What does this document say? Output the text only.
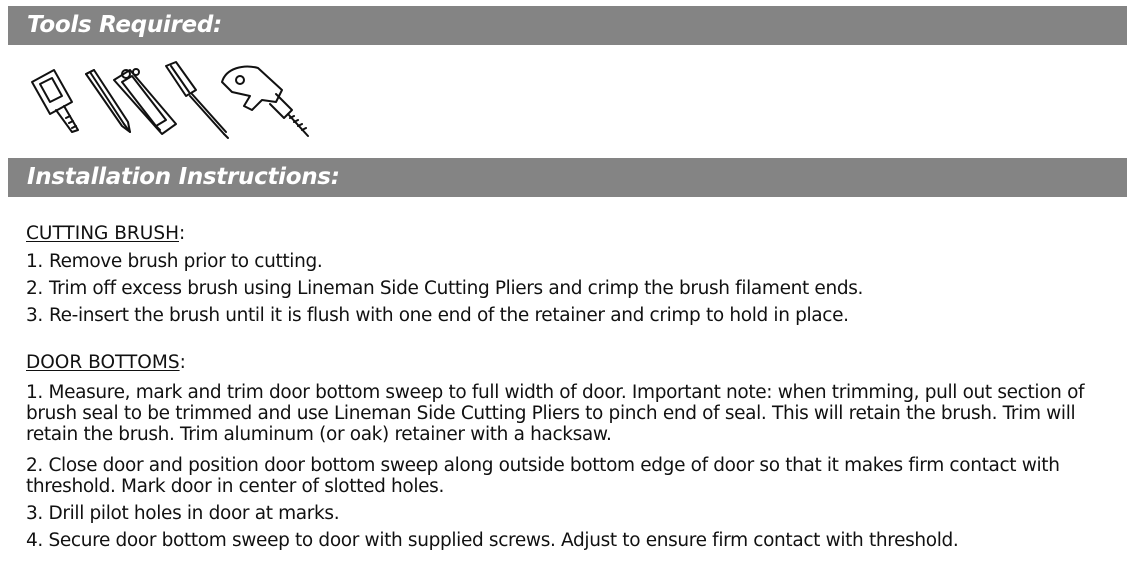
Tools Required:
Installation Instructions:
CUTTING BRUSH:
1. Remove brush prior to cutting.
2. Trim off excess brush using Lineman Side Cutting Pliers and crimp the brush filament ends.
3. Re-insert the brush until it is flush with one end of the retainer and crimp to hold in place.
DOOR BOTTOMS:
1. Measure, mark and trim door bottom sweep to full width of door. Important note: when trimming, pull out section of brush seal to be trimmed and use Lineman Side Cutting Pliers to pinch end of seal. This will retain the brush. Trim will retain the brush. Trim aluminum (or oak) retainer with a hacksaw.
2. Close door and position door bottom sweep along outside bottom edge of door so that it makes firm contact with threshold. Mark door in center of slotted holes.
3. Drill pilot holes in door at marks.
4. Secure door bottom sweep to door with supplied screws. Adjust to ensure firm contact with threshold.
